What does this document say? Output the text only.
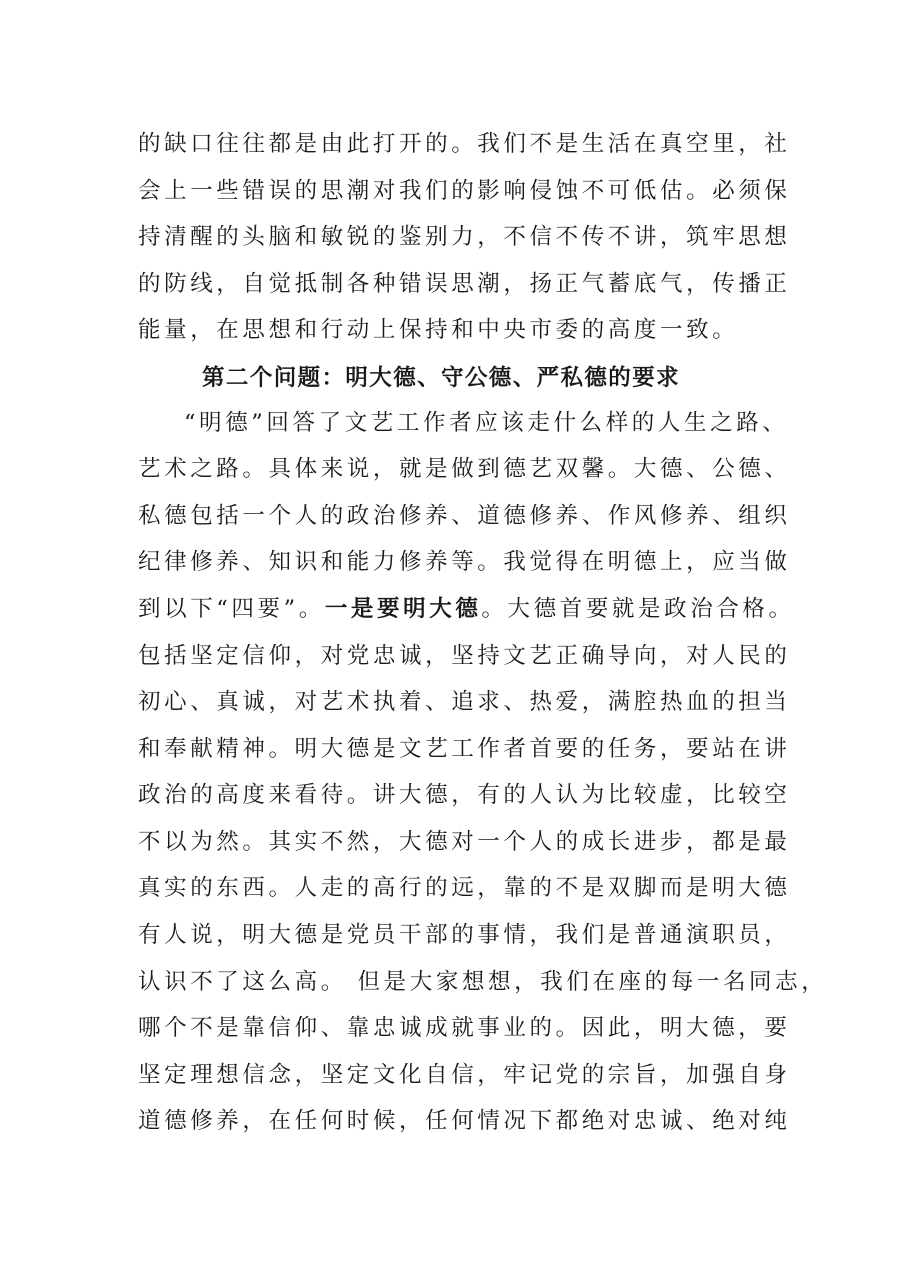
的缺口往往都是由此打开的。我们不是生活在真空里，社
会上一些错误的思潮对我们的影响侵蚀不可低估。必须保
持清醒的头脑和敏锐的鉴别力，不信不传不讲，筑牢思想
的防线，自觉抵制各种错误思潮，扬正气蓄底气，传播正
能量，在思想和行动上保持和中央市委的高度一致。
第二个问题：明大德、守公德、严私德的要求
“明德”回答了文艺工作者应该走什么样的人生之路、
艺术之路。具体来说，就是做到德艺双馨。大德、公德、
私德包括一个人的政治修养、道德修养、作风修养、组织
纪律修养、知识和能力修养等。我觉得在明德上，应当做
到以下“四要”。一是要明大德。大德首要就是政治合格。
包括坚定信仰，对党忠诚，坚持文艺正确导向，对人民的
初心、真诚，对艺术执着、追求、热爱，满腔热血的担当
和奉献精神。明大德是文艺工作者首要的任务，要站在讲
政治的高度来看待。讲大德，有的人认为比较虚，比较空
不以为然。其实不然，大德对一个人的成长进步，都是最
真实的东西。人走的高行的远，靠的不是双脚而是明大德
有人说，明大德是党员干部的事情，我们是普通演职员，
认识不了这么高。 但是大家想想，我们在座的每一名同志，
哪个不是靠信仰、靠忠诚成就事业的。因此，明大德，要
坚定理想信念，坚定文化自信，牢记党的宗旨，加强自身
道德修养，在任何时候，任何情况下都绝对忠诚、绝对纯
